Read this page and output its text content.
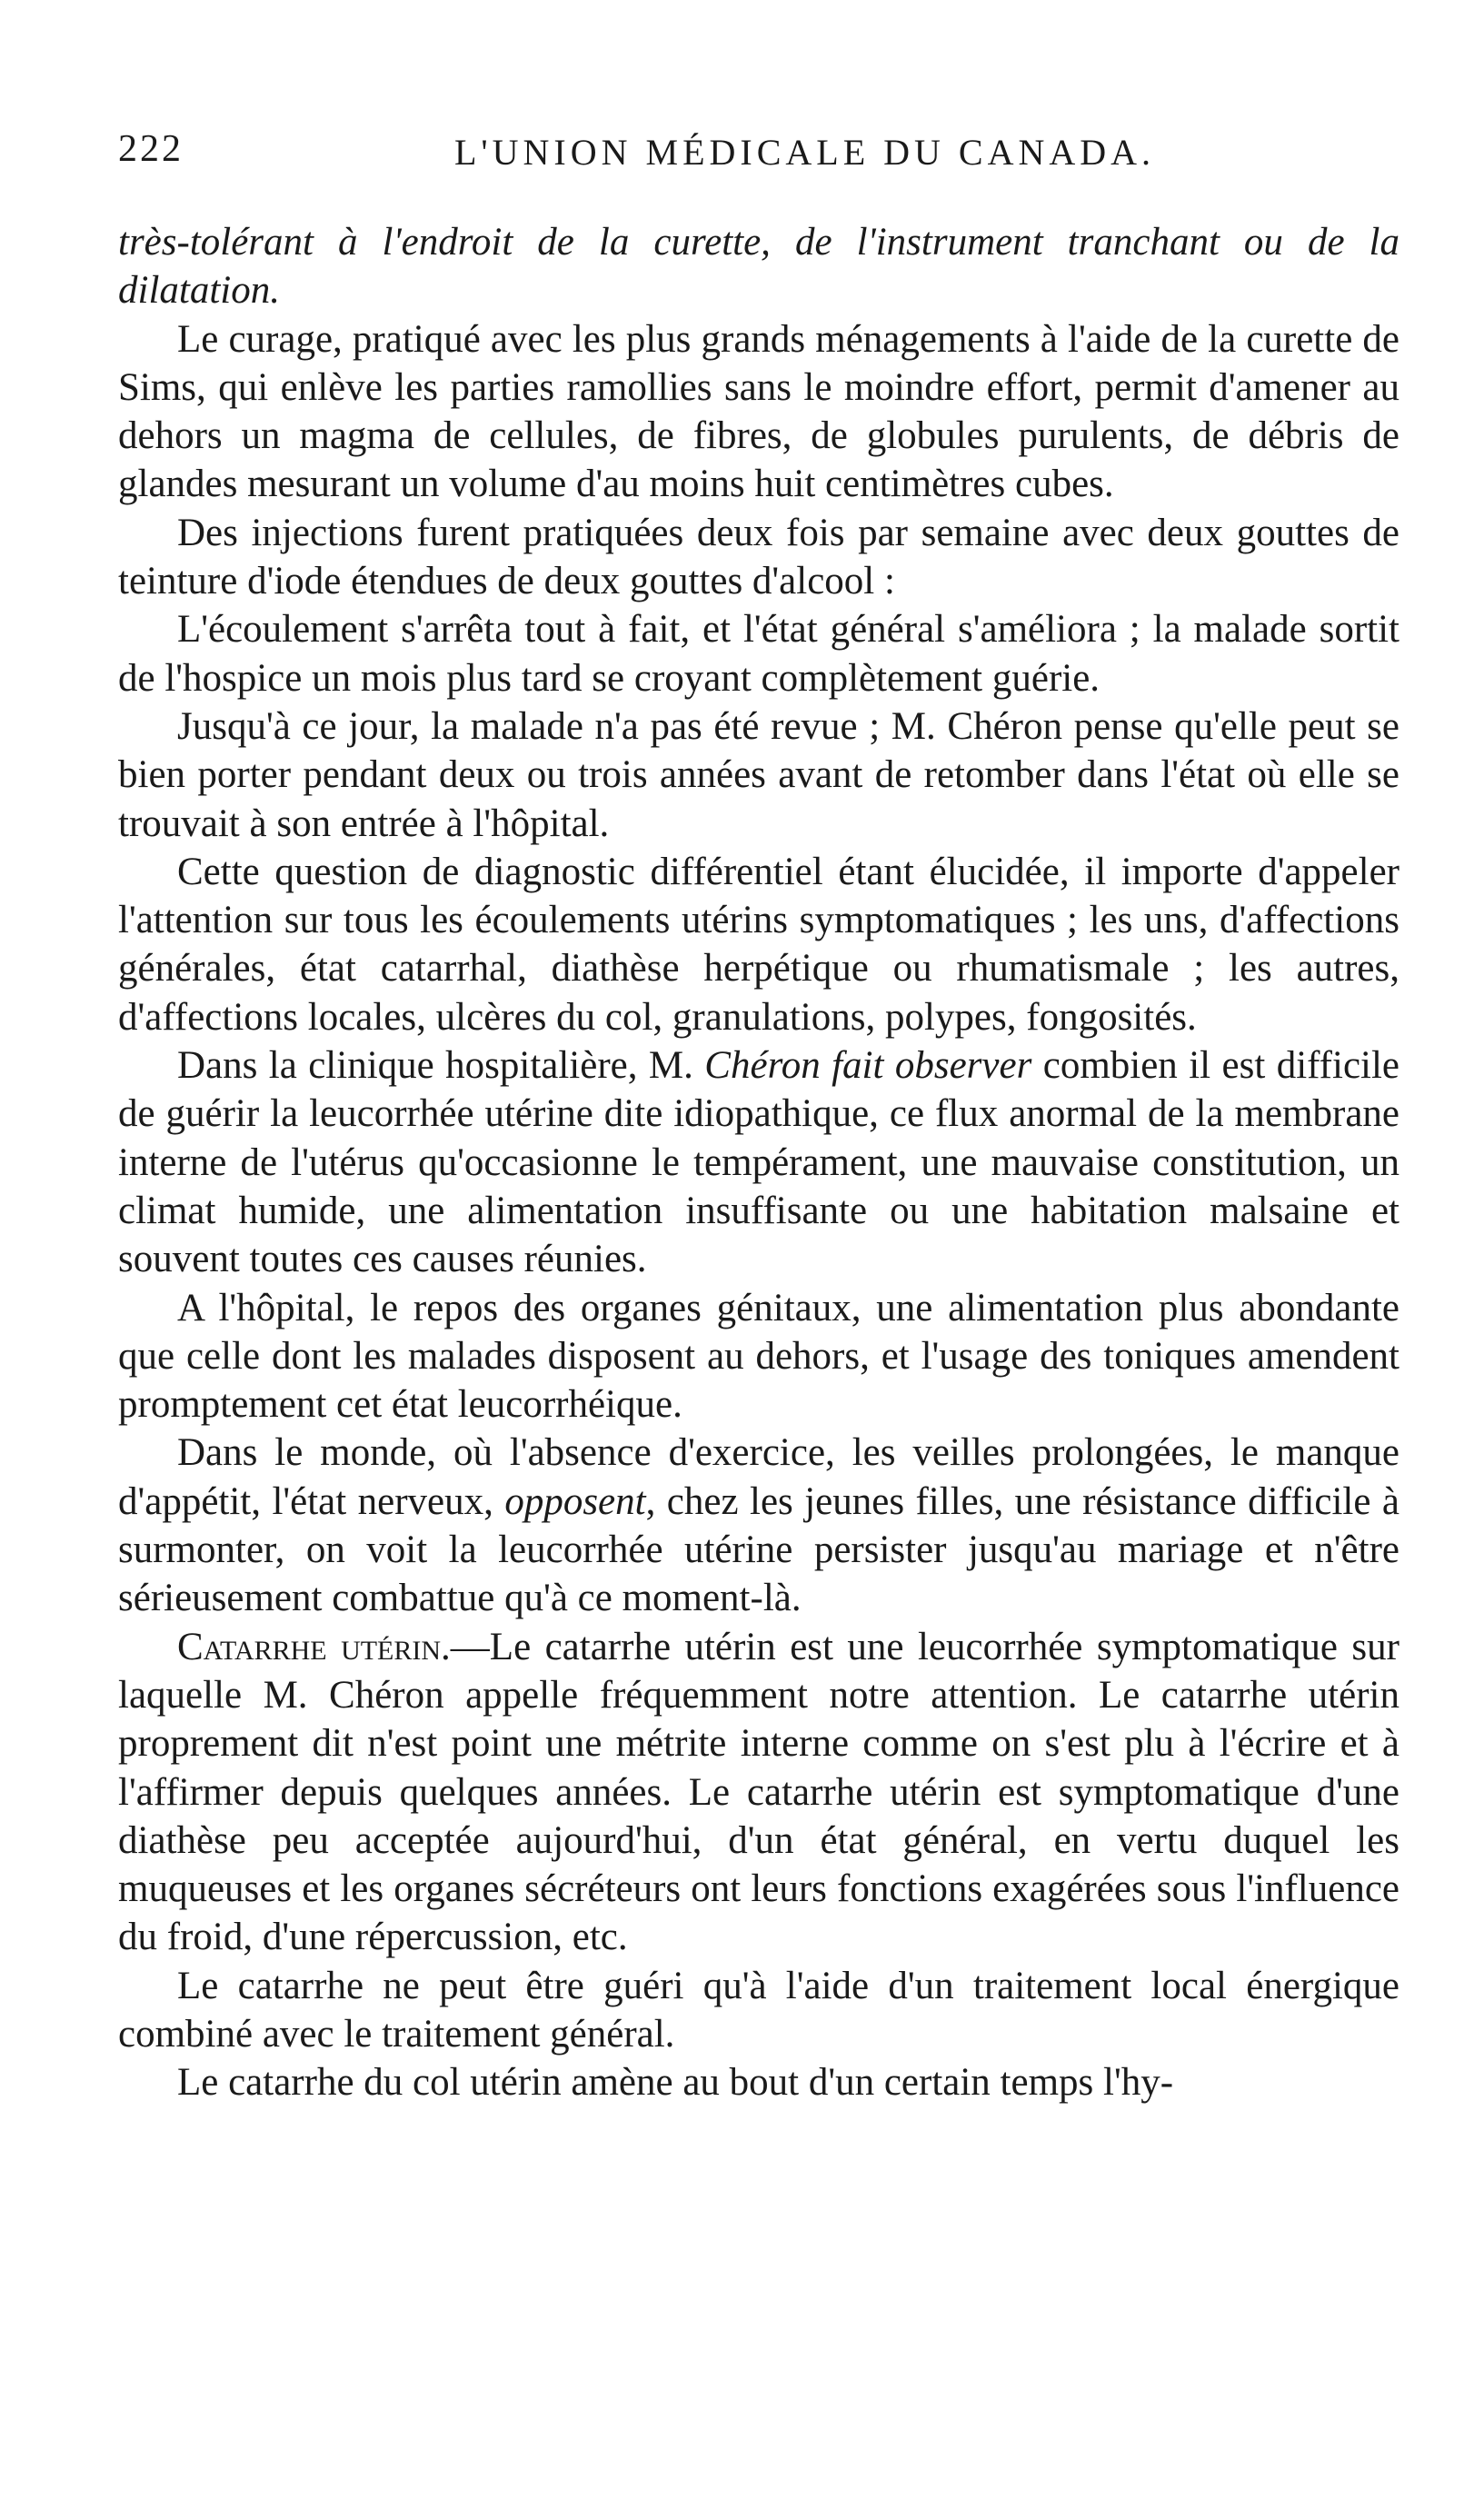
222	L'UNION MÉDICALE DU CANADA.

très-tolérant à l'endroit de la curette, de l'instrument tranchant ou de la dilatation.

Le curage, pratiqué avec les plus grands ménagements à l'aide de la curette de Sims, qui enlève les parties ramollies sans le moindre effort, permit d'amener au dehors un magma de cellules, de fibres, de globules purulents, de débris de glandes mesurant un volume d'au moins huit centimètres cubes.

Des injections furent pratiquées deux fois par semaine avec deux gouttes de teinture d'iode étendues de deux gouttes d'alcool :

L'écoulement s'arrêta tout à fait, et l'état général s'améliora ; la malade sortit de l'hospice un mois plus tard se croyant complètement guérie.

Jusqu'à ce jour, la malade n'a pas été revue ; M. Chéron pense qu'elle peut se bien porter pendant deux ou trois années avant de retomber dans l'état où elle se trouvait à son entrée à l'hôpital.

Cette question de diagnostic différentiel étant élucidée, il importe d'appeler l'attention sur tous les écoulements utérins symptomatiques ; les uns, d'affections générales, état catarrhal, diathèse herpétique ou rhumatismale ; les autres, d'affections locales, ulcères du col, granulations, polypes, fongosités.

Dans la clinique hospitalière, M. Chéron fait observer combien il est difficile de guérir la leucorrhée utérine dite idiopathique, ce flux anormal de la membrane interne de l'utérus qu'occasionne le tempérament, une mauvaise constitution, un climat humide, une alimentation insuffisante ou une habitation malsaine et souvent toutes ces causes réunies.

A l'hôpital, le repos des organes génitaux, une alimentation plus abondante que celle dont les malades disposent au dehors, et l'usage des toniques amendent promptement cet état leucorrhéique.

Dans le monde, où l'absence d'exercice, les veilles prolongées, le manque d'appétit, l'état nerveux, opposent, chez les jeunes filles, une résistance difficile à surmonter, on voit la leucorrhée utérine persister jusqu'au mariage et n'être sérieusement combattue qu'à ce moment-là.

Catarrhe utérin.—Le catarrhe utérin est une leucorrhée symptomatique sur laquelle M. Chéron appelle fréquemment notre attention. Le catarrhe utérin proprement dit n'est point une métrite interne comme on s'est plu à l'écrire et à l'affirmer depuis quelques années. Le catarrhe utérin est symptomatique d'une diathèse peu acceptée aujourd'hui, d'un état général, en vertu duquel les muqueuses et les organes sécréteurs ont leurs fonctions exagérées sous l'influence du froid, d'une répercussion, etc.

Le catarrhe ne peut être guéri qu'à l'aide d'un traitement local énergique combiné avec le traitement général.

Le catarrhe du col utérin amène au bout d'un certain temps l'hy-
